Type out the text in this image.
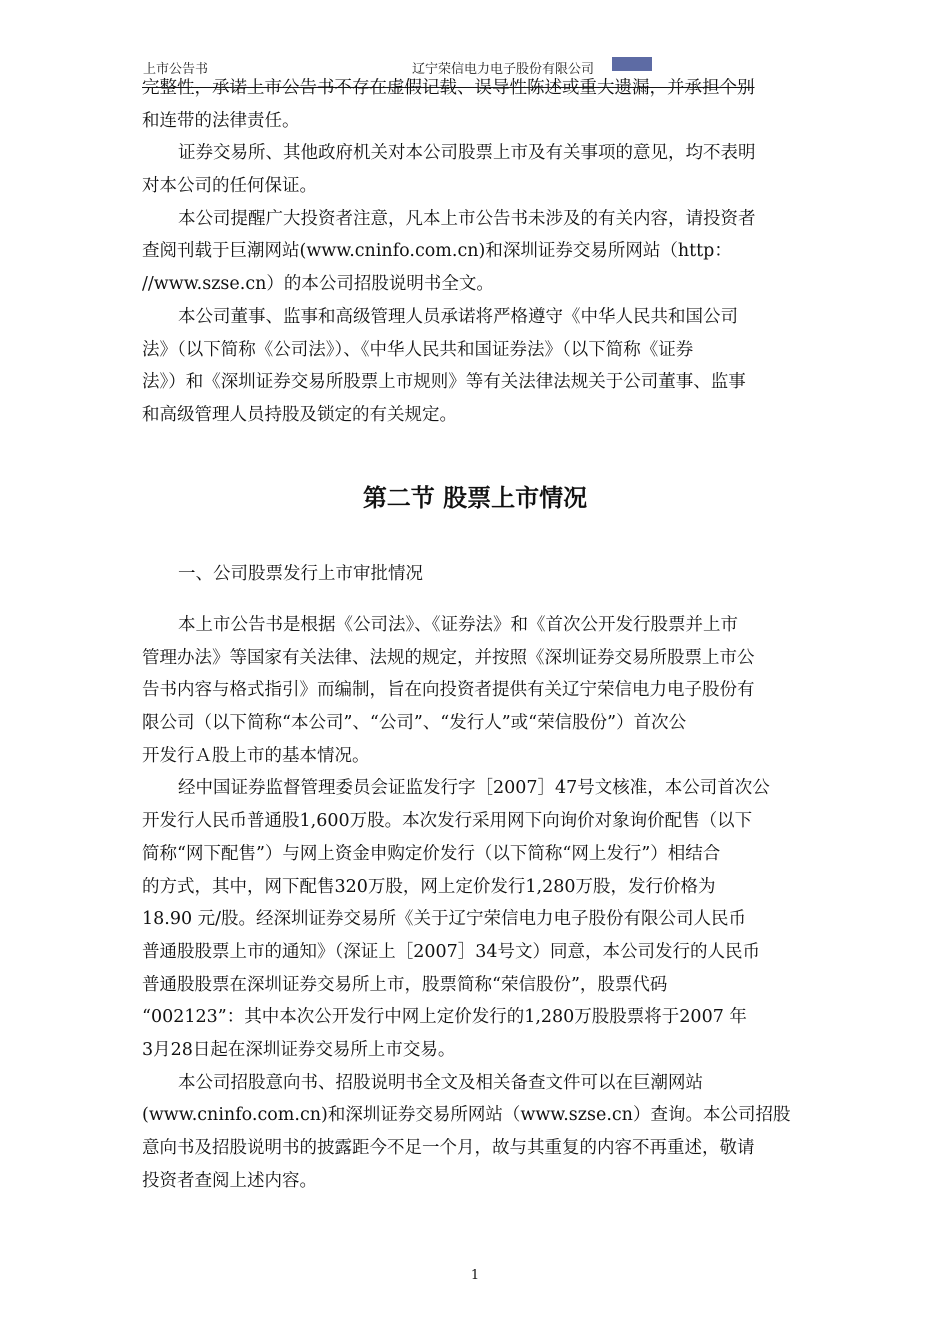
上市公告书	辽宁荣信电力电子股份有限公司
完整性，承诺上市公告书不存在虚假记载、误导性陈述或重大遗漏，并承担个别
和连带的法律责任。
证券交易所、其他政府机关对本公司股票上市及有关事项的意见，均不表明
对本公司的任何保证。
本公司提醒广大投资者注意，凡本上市公告书未涉及的有关内容，请投资者
查阅刊载于巨潮网站(www.cninfo.com.cn)和深圳证券交易所网站（http：
//www.szse.cn）的本公司招股说明书全文。
本公司董事、监事和高级管理人员承诺将严格遵守《中华人民共和国公司
法》（以下简称《公司法》）、《中华人民共和国证券法》（以下简称《证券
法》）和《深圳证券交易所股票上市规则》等有关法律法规关于公司董事、监事
和高级管理人员持股及锁定的有关规定。
第二节 股票上市情况
一、公司股票发行上市审批情况
本上市公告书是根据《公司法》、《证券法》和《首次公开发行股票并上市
管理办法》等国家有关法律、法规的规定，并按照《深圳证券交易所股票上市公
告书内容与格式指引》而编制，旨在向投资者提供有关辽宁荣信电力电子股份有
限公司（以下简称“本公司”、“公司”、“发行人”或“荣信股份”）首次公
开发行Ａ股上市的基本情况。
经中国证券监督管理委员会证监发行字［2007］47号文核准，本公司首次公
开发行人民币普通股1,600万股。本次发行采用网下向询价对象询价配售（以下
简称“网下配售”）与网上资金申购定价发行（以下简称“网上发行”）相结合
的方式，其中，网下配售320万股，网上定价发行1,280万股，发行价格为
18.90 元/股。经深圳证券交易所《关于辽宁荣信电力电子股份有限公司人民币
普通股股票上市的通知》（深证上［2007］34号文）同意，本公司发行的人民币
普通股股票在深圳证券交易所上市，股票简称“荣信股份”，股票代码
“002123”：其中本次公开发行中网上定价发行的1,280万股股票将于2007 年
3月28日起在深圳证券交易所上市交易。
本公司招股意向书、招股说明书全文及相关备查文件可以在巨潮网站
(www.cninfo.com.cn)和深圳证券交易所网站（www.szse.cn）查询。本公司招股
意向书及招股说明书的披露距今不足一个月，故与其重复的内容不再重述，敬请
投资者查阅上述内容。
1
